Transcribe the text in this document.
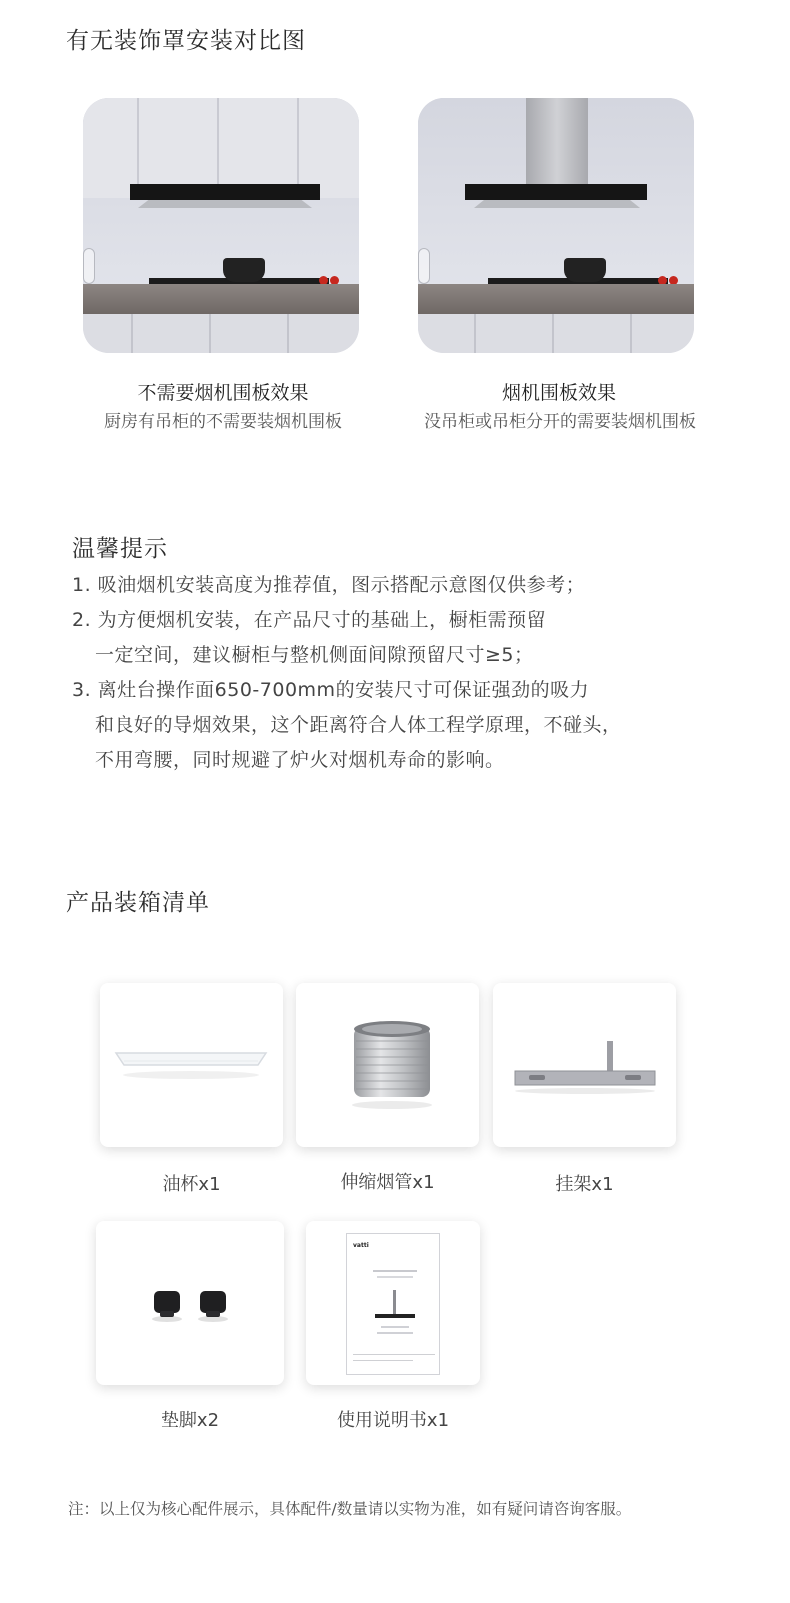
有无装饰罩安装对比图
不需要烟机围板效果
厨房有吊柜的不需要装烟机围板
烟机围板效果
没吊柜或吊柜分开的需要装烟机围板
温馨提示
1. 吸油烟机安装高度为推荐值，图示搭配示意图仅供参考；
2. 为方便烟机安装，在产品尺寸的基础上，橱柜需预留
一定空间，建议橱柜与整机侧面间隙预留尺寸≥5；
3. 离灶台操作面650-700mm的安装尺寸可保证强劲的吸力
和良好的导烟效果，这个距离符合人体工程学原理，不碰头，
不用弯腰，同时规避了炉火对烟机寿命的影响。
产品装箱清单
油杯x1	伸缩烟管x1	挂架x1
垫脚x2
vatti
使用说明书x1
注：以上仅为核心配件展示，具体配件/数量请以实物为准，如有疑问请咨询客服。
